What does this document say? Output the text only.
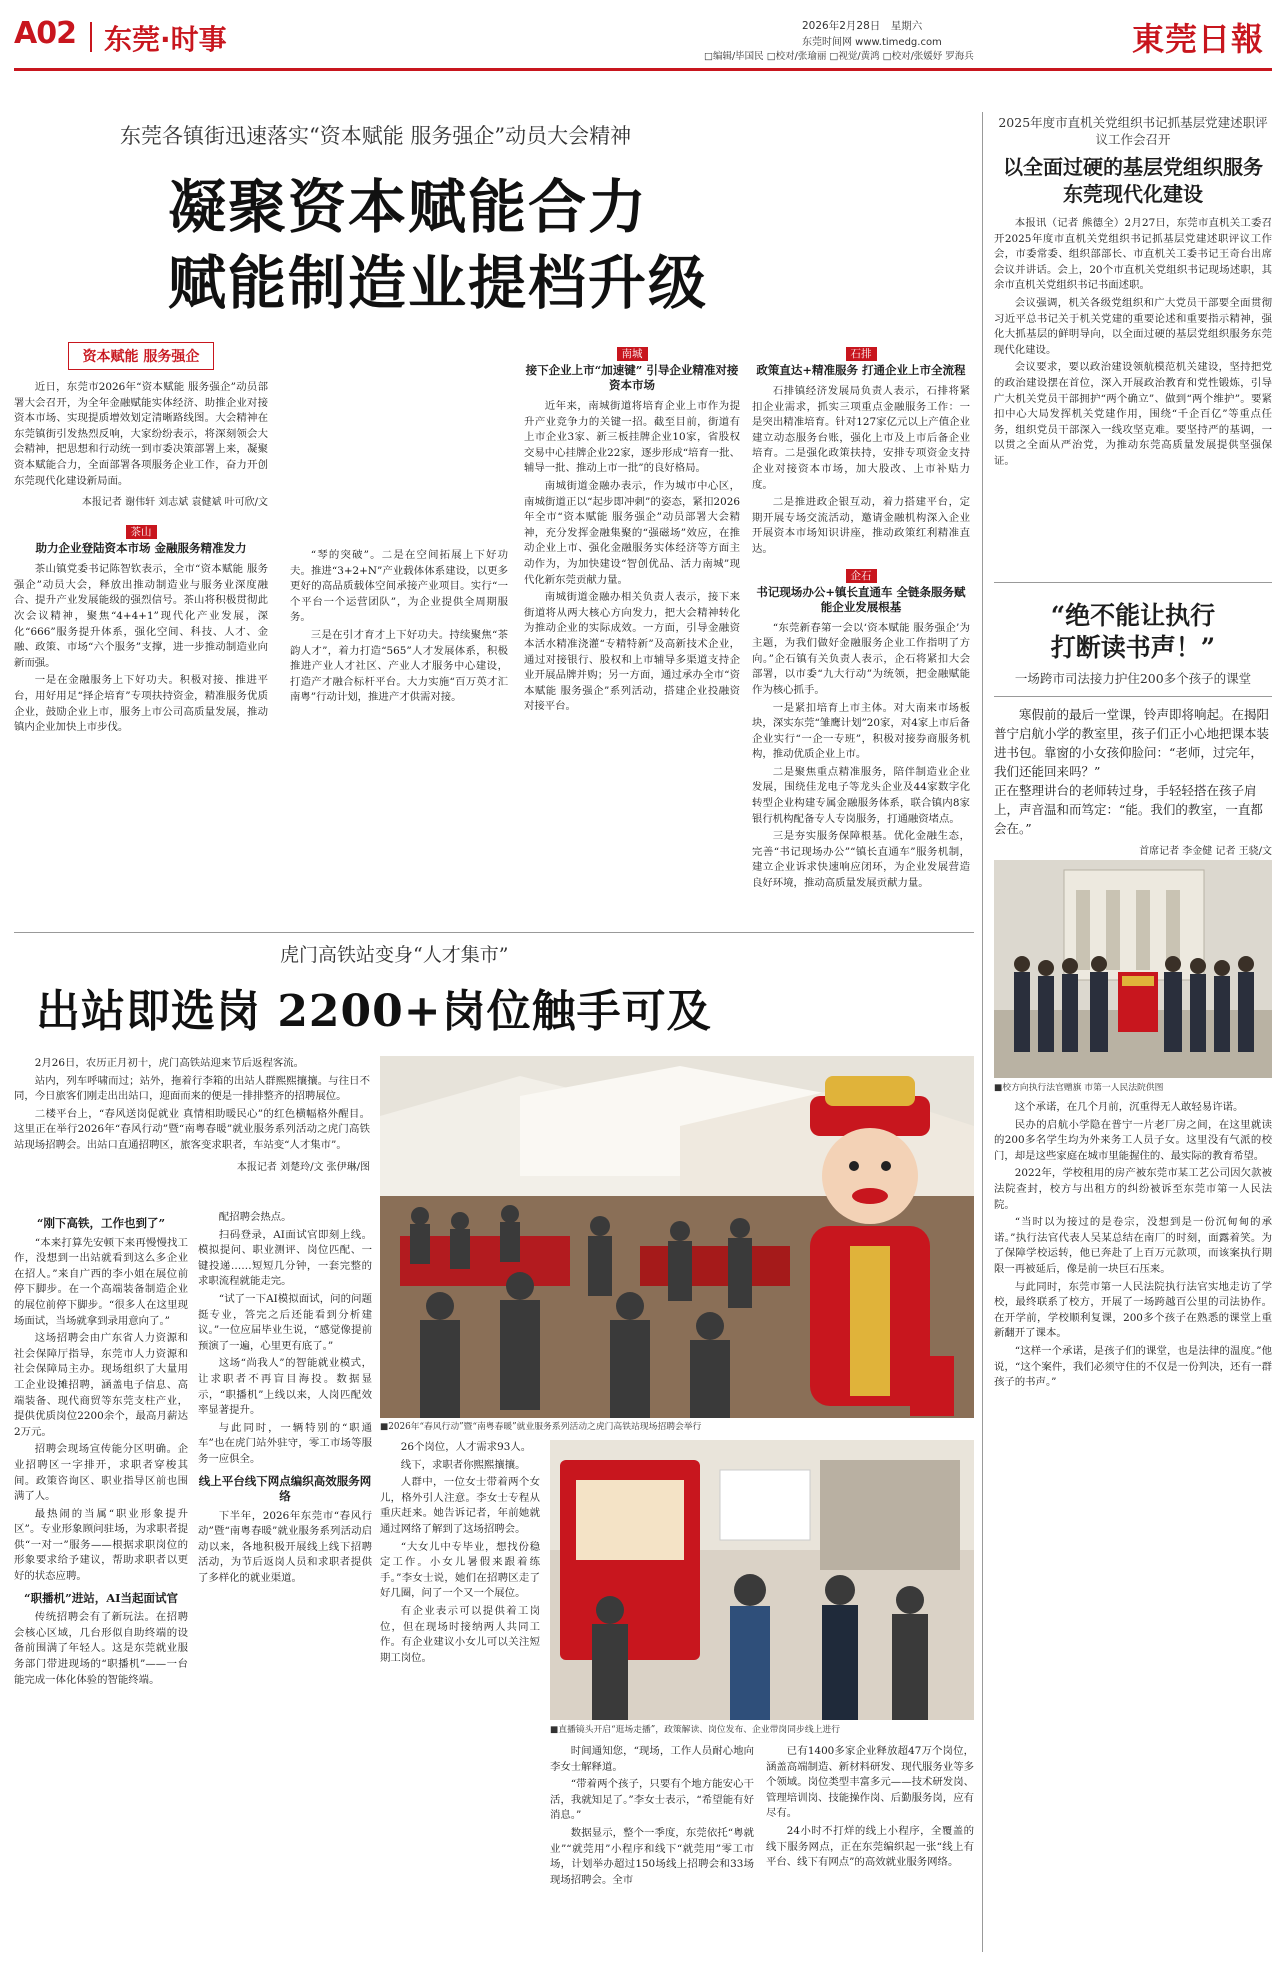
A02 东莞·时事	2026年2月28日　星期六
东莞时间网 www.timedg.com
□编辑/毕国民 □校对/张瑜丽 □视觉/黄鸿 □校对/张媛妤 罗海兵	東莞日報
东莞各镇街迅速落实“资本赋能 服务强企”动员大会精神
凝聚资本赋能合力
赋能制造业提档升级
资本赋能 服务强企

近日，东莞市2026年“资本赋能 服务强企”动员部署大会召开，为全年金融赋能实体经济、助推企业对接资本市场、实现提质增效划定清晰路线图。大会精神在东莞镇街引发热烈反响，大家纷纷表示，将深刻领会大会精神，把思想和行动统一到市委决策部署上来，凝聚资本赋能合力，全面部署各项服务企业工作，奋力开创东莞现代化建设新局面。

本报记者 谢伟轩 刘志斌 袁健斌 叶可欣/文
茶山
助力企业登陆资本市场 金融服务精准发力

茶山镇党委书记陈智钦表示，全市“资本赋能 服务强企”动员大会，释放出推动制造业与服务业深度融合、提升产业发展能级的强烈信号。茶山将积极贯彻此次会议精神，聚焦“4+4+1”现代化产业发展，深化“666”服务提升体系，强化空间、科技、人才、金融、政策、市场“六个服务”支撑，进一步推动制造业向新而强。

一是在金融服务上下好功夫。积极对接、推进平台，用好用足“择企培育”专项扶持资金，精准服务优质企业，鼓励企业上市，服务上市公司高质量发展，推动镇内企业加快上市步伐。

“琴的突破”。二是在空间拓展上下好功夫。推进“3+2+N”产业载体体系建设，以更多更好的高品质载体空间承接产业项目。实行“一个平台一个运营团队”，为企业提供全周期服务。

三是在引才育才上下好功夫。持续聚焦“茶韵人才”，着力打造“565”人才发展体系，积极推进产业人才社区、产业人才服务中心建设，打造产才融合标杆平台。大力实施“百万英才汇南粤”行动计划，推进产才供需对接。

南城
接下企业上市“加速键” 引导企业精准对接资本市场

近年来，南城街道将培育企业上市作为提升产业竞争力的关键一招。截至目前，街道有上市企业3家、新三板挂牌企业10家，省股权交易中心挂牌企业22家，逐步形成“培育一批、辅导一批、推动上市一批”的良好格局。

南城街道金融办表示，作为城市中心区，南城街道正以“起步即冲刺”的姿态，紧扣2026年全市“资本赋能 服务强企”动员部署大会精神，充分发挥金融集聚的“强磁场”效应，在推动企业上市、强化金融服务实体经济等方面主动作为，为加快建设“智创优品、活力南城”现代化新东莞贡献力量。

南城街道金融办相关负责人表示，接下来街道将从两大核心方向发力，把大会精神转化为推动企业的实际成效。一方面，引导金融资本活水精准浇灌“专精特新”及高新技术企业，通过对接银行、股权和上市辅导多渠道支持企业开展品牌并购；另一方面，通过承办全市“资本赋能 服务强企”系列活动，搭建企业投融资对接平台。

石排
政策直达+精准服务 打通企业上市全流程

石排镇经济发展局负责人表示，石排将紧扣企业需求，抓实三项重点金融服务工作：一是突出精准培育。针对127家亿元以上产值企业建立动态服务台账，强化上市及上市后备企业培育。二是强化政策扶持，安排专项资金支持企业对接资本市场，加大股改、上市补贴力度。

二是推进政企银互动，着力搭建平台，定期开展专场交流活动，邀请金融机构深入企业开展资本市场知识讲座，推动政策红利精准直达。

企石
书记现场办公+镇长直通车 全链条服务赋能企业发展根基

“东莞新春第一会以‘资本赋能 服务强企’为主题，为我们做好金融服务企业工作指明了方向。”企石镇有关负责人表示，企石将紧扣大会部署，以市委“九大行动”为统领，把金融赋能作为核心抓手。

一是紧扣培育上市主体。对大南来市场板块，深实东莞“雏鹰计划”20家，对4家上市后备企业实行“一企一专班”，积极对接券商服务机构，推动优质企业上市。

二是聚焦重点精准服务，陪伴制造业企业发展，围绕佳龙电子等龙头企业及44家数字化转型企业构建专属金融服务体系，联合镇内8家银行机构配备专人专岗服务，打通融资堵点。

三是夯实服务保障根基。优化金融生态，完善“书记现场办公”“镇长直通车”服务机制，建立企业诉求快速响应闭环，为企业发展营造良好环境，推动高质量发展贡献力量。

2025年度市直机关党组织书记抓基层党建述职评议工作会召开
以全面过硬的基层党组织服务东莞现代化建设

本报讯（记者 熊德全）2月27日，东莞市直机关工委召开2025年度市直机关党组织书记抓基层党建述职评议工作会，市委常委、组织部部长、市直机关工委书记王奇台出席会议并讲话。会上，20个市直机关党组织书记现场述职，其余市直机关党组织书记书面述职。

会议强调，机关各级党组织和广大党员干部要全面贯彻习近平总书记关于机关党建的重要论述和重要指示精神，强化大抓基层的鲜明导向，以全面过硬的基层党组织服务东莞现代化建设。

会议要求，要以政治建设领航模范机关建设，坚持把党的政治建设摆在首位，深入开展政治教育和党性锻炼，引导广大机关党员干部拥护“两个确立”、做到“两个维护”。要紧扣中心大局发挥机关党建作用，围绕“千企百亿”等重点任务，组织党员干部深入一线攻坚克难。要坚持严的基调，一以贯之全面从严治党，为推动东莞高质量发展提供坚强保证。

“绝不能让执行
打断读书声！”
一场跨市司法接力护住200多个孩子的课堂
寒假前的最后一堂课，铃声即将响起。在揭阳普宁启航小学的教室里，孩子们正小心地把课本装进书包。靠窗的小女孩仰脸问：“老师，过完年，我们还能回来吗？”
正在整理讲台的老师转过身，手轻轻搭在孩子肩上，声音温和而笃定：“能。我们的教室，一直都会在。”
首席记者 李金健 记者 王骁/文
■校方向执行法官赠旗 市第一人民法院供图

这个承诺，在几个月前，沉重得无人敢轻易许诺。

民办的启航小学隐在普宁一片老厂房之间，在这里就读的200多名学生均为外来务工人员子女。这里没有气派的校门，却是这些家庭在城市里能握住的、最实际的教育希望。

2022年，学校租用的房产被东莞市某工艺公司因欠款被法院查封，校方与出租方的纠纷被诉至东莞市第一人民法院。

“当时以为接过的是卷宗，没想到是一份沉甸甸的承诺。”执行法官代表人吴某总结在南厂的时刻，面露着笑。为了保障学校运转，他已奔赴了上百万元款项，而该案执行期限一再被延后，像是前一块巨石压来。

与此同时，东莞市第一人民法院执行法官实地走访了学校，最终联系了校方，开展了一场跨越百公里的司法协作。在开学前，学校顺利复课，200多个孩子在熟悉的课堂上重新翻开了课本。

“这样一个承诺，是孩子们的课堂，也是法律的温度。”他说，“这个案件，我们必须守住的不仅是一份判决，还有一群孩子的书声。”

虎门高铁站变身“人才集市”
出站即选岗 2200+岗位触手可及

2月26日，农历正月初十，虎门高铁站迎来节后返程客流。

站内，列车呼啸而过；站外，拖着行李箱的出站人群熙熙攘攘。与往日不同，今日旅客们刚走出出站口，迎面而来的便是一排排整齐的招聘展位。

二楼平台上，“春风送岗促就业 真情相助暖民心”的红色横幅格外醒目。这里正在举行2026年“春风行动”暨“南粤春暖”就业服务系列活动之虎门高铁站现场招聘会。出站口直通招聘区，旅客变求职者，车站变“人才集市”。

本报记者 刘楚玲/文 张伊琳/图
■2026年“春风行动”暨“南粤春暖”就业服务系列活动之虎门高铁站现场招聘会举行
“刚下高铁，工作也到了”

“本来打算先安顿下来再慢慢找工作，没想到一出站就看到这么多企业在招人。”来自广西的李小姐在展位前停下脚步。在一个高端装备制造企业的展位前停下脚步。“很多人在这里现场面试，当场就拿到录用意向了。”

这场招聘会由广东省人力资源和社会保障厅指导，东莞市人力资源和社会保障局主办。现场组织了大量用工企业设摊招聘，涵盖电子信息、高端装备、现代商贸等东莞支柱产业，提供优质岗位2200余个，最高月薪达2万元。

招聘会现场宣传能分区明确。企业招聘区一字排开，求职者穿梭其间。政策咨询区、职业指导区前也围满了人。

最热闹的当属“职业形象提升区”。专业形象顾问驻场，为求职者提供“一对一”服务——根据求职岗位的形象要求给予建议，帮助求职者以更好的状态应聘。

“职播机”进站，AI当起面试官

传统招聘会有了新玩法。在招聘会核心区域，几台形似自助终端的设备前围满了年轻人。这是东莞就业服务部门带进现场的“职播机”——一台能完成一体化体验的智能终端。

配招聘会热点。

扫码登录，AI面试官即刻上线。模拟提问、职业测评、岗位匹配、一键投递……短短几分钟，一套完整的求职流程就能走完。

“试了一下AI模拟面试，问的问题挺专业，答完之后还能看到分析建议。”一位应届毕业生说，“感觉像提前预演了一遍，心里更有底了。”

这场“尚我人”的智能就业模式，让求职者不再盲目海投。数据显示，“职播机”上线以来，人岗匹配效率显著提升。

与此同时，一辆特别的“职通车”也在虎门站外驻守，零工市场等服务一应俱全。

线上平台线下网点编织高效服务网络

下半年，2026年东莞市“春风行动”暨“南粤春暖”就业服务系列活动启动以来，各地积极开展线上线下招聘活动，为节后返岗人员和求职者提供了多样化的就业渠道。

26个岗位，人才需求93人。

线下，求职者你熙熙攘攘。

人群中，一位女士带着两个女儿，格外引人注意。李女士专程从重庆赶来。她告诉记者，年前她就通过网络了解到了这场招聘会。

“大女儿中专毕业，想找份稳定工作。小女儿暑假来跟着练手。”李女士说，她们在招聘区走了好几圈，问了一个又一个展位。

有企业表示可以提供着工岗位，但在现场时接纳两人共同工作。有企业建议小女儿可以关注短期工岗位。

■直播镜头开启“逛场走播”，政策解读、岗位发布、企业带岗同步线上进行

时间通知您，“现场，工作人员耐心地向李女士解释道。

“带着两个孩子，只要有个地方能安心干活，我就知足了。”李女士表示，“希望能有好消息。”

数据显示，整个一季度，东莞依托“粤就业”“就莞用”小程序和线下“就莞用”零工市场，计划举办超过150场线上招聘会和33场现场招聘会。全市

已有1400多家企业释放超47万个岗位，涵盖高端制造、新材料研发、现代服务业等多个领域。岗位类型丰富多元——技术研发岗、管理培训岗、技能操作岗、后勤服务岗，应有尽有。

24小时不打烊的线上小程序，全覆盖的线下服务网点，正在东莞编织起一张“线上有平台、线下有网点”的高效就业服务网络。
